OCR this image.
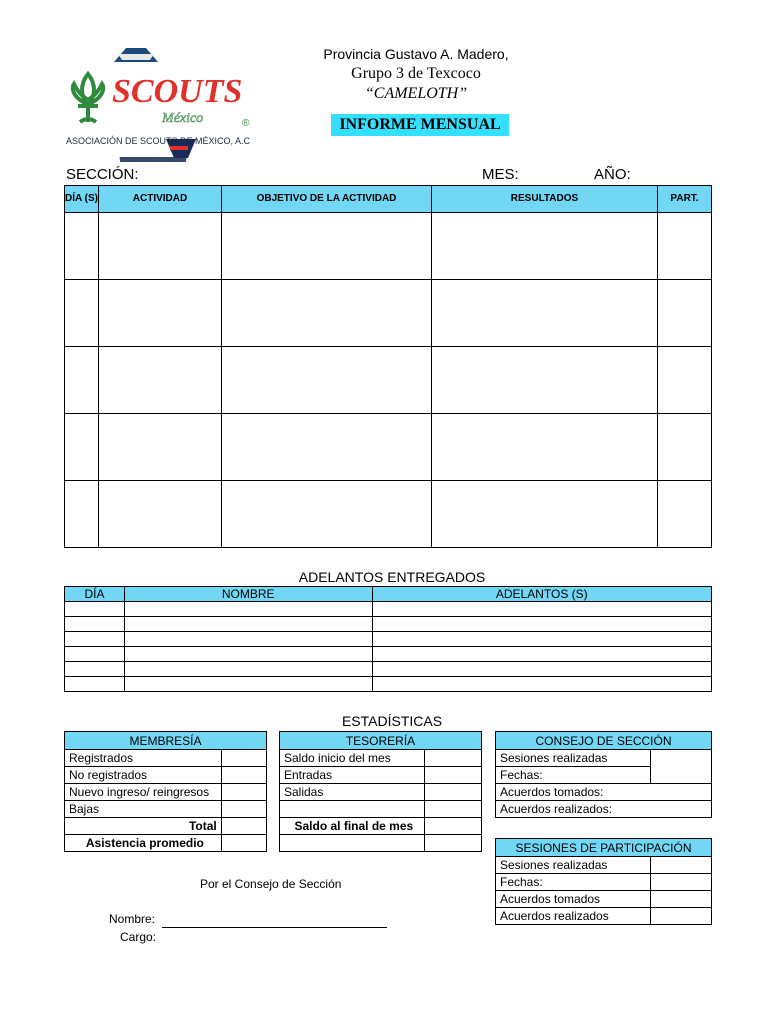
SCOUTS
México	®
ASOCIACIÓN DE SCOUTS DE MÉXICO, A.C
Provincia Gustavo A. Madero,
Grupo 3 de Texcoco
“CAMELOTH”
INFORME MENSUAL
SECCIÓN:	MES:	AÑO:
DÍA (S)	ACTIVIDAD	OBJETIVO DE LA ACTIVIDAD	RESULTADOS	PART.

ADELANTOS ENTREGADOS
DÍA	NOMBRE	ADELANTOS (S)

ESTADÍSTICAS
MEMBRESÍA	
Registrados	
No registrados	
Nuevo ingreso/ reingresos	
Bajas	
Total	
Asistencia promedio	
TESORERÍA	
Saldo inicio del mes	
Entradas	
Salidas	

Saldo al final de mes	

CONSEJO DE SECCIÓN
Sesiones realizadas	
Fechas:
Acuerdos tomados:
Acuerdos realizados:
SESIONES DE PARTICIPACIÓN	
Sesiones realizadas	
Fechas:	
Acuerdos tomados	
Acuerdos realizados	
Por el Consejo de Sección
Nombre:
Cargo:
